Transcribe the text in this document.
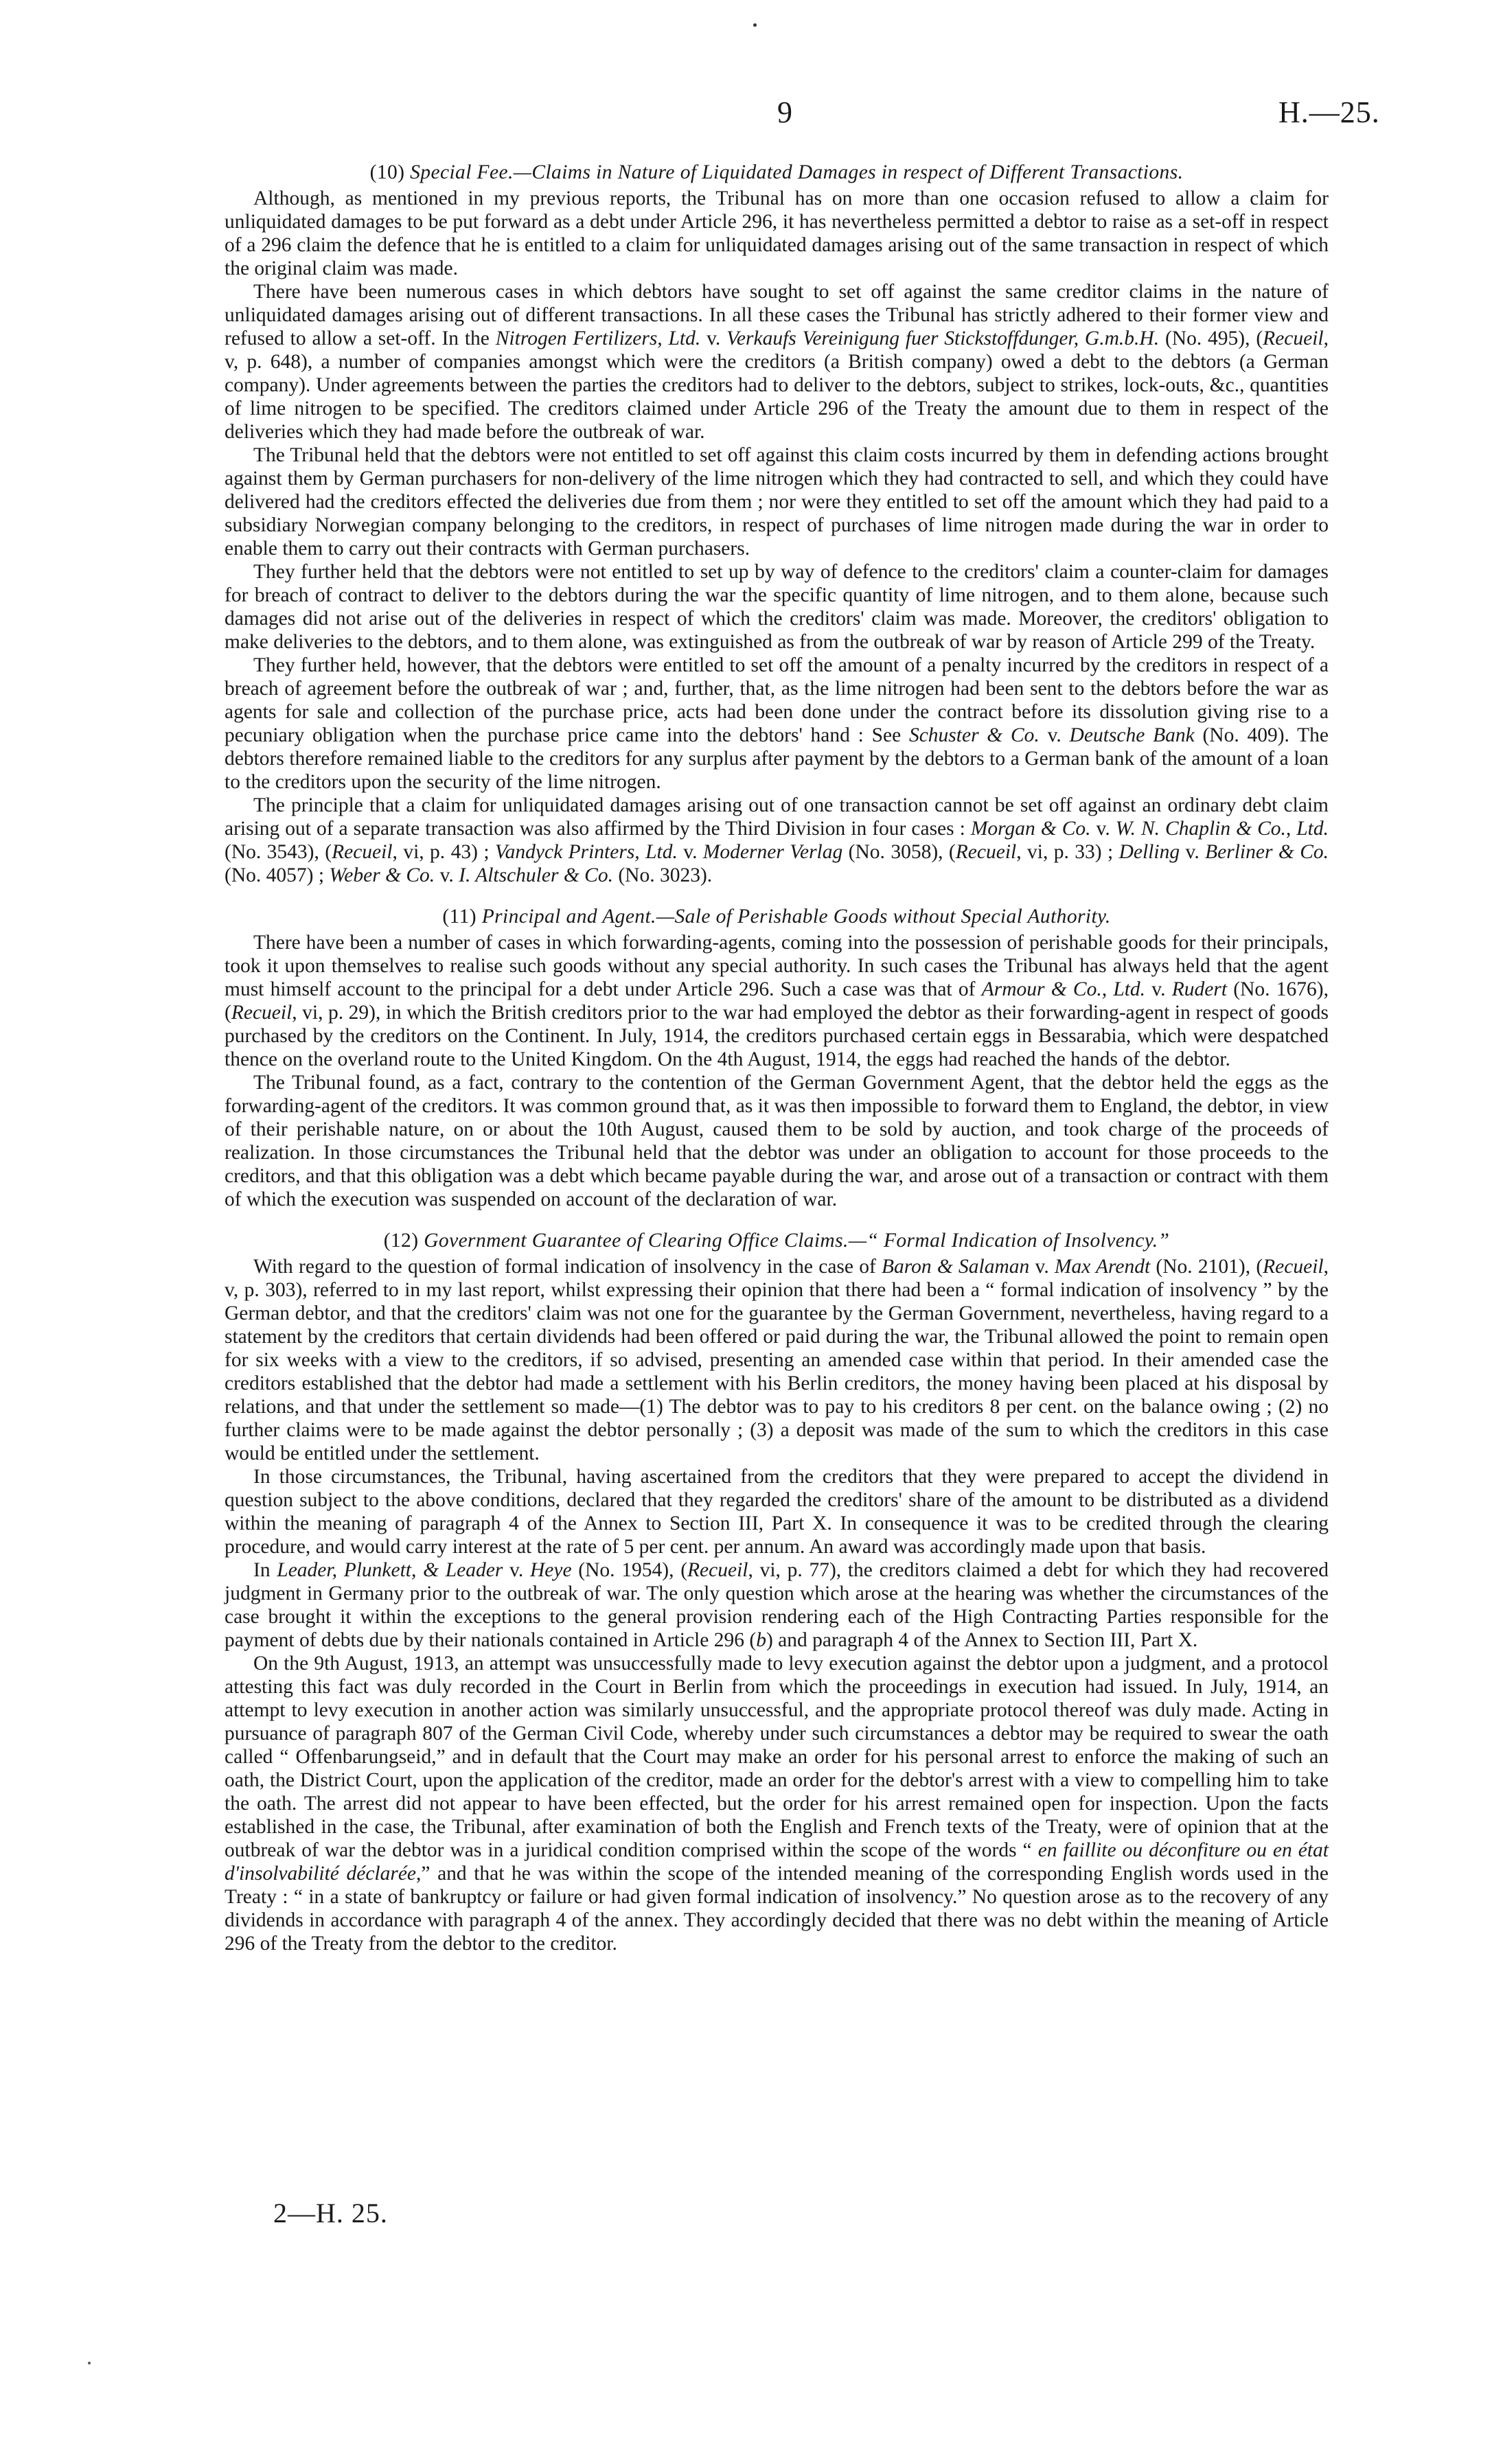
9	H.—25.
(10) Special Fee.—Claims in Nature of Liquidated Damages in respect of Different Transactions.

Although, as mentioned in my previous reports, the Tribunal has on more than one occasion refused to allow a claim for unliquidated damages to be put forward as a debt under Article 296, it has nevertheless permitted a debtor to raise as a set-off in respect of a 296 claim the defence that he is entitled to a claim for unliquidated damages arising out of the same transaction in respect of which the original claim was made.

There have been numerous cases in which debtors have sought to set off against the same creditor claims in the nature of unliquidated damages arising out of different transactions. In all these cases the Tribunal has strictly adhered to their former view and refused to allow a set-off. In the Nitrogen Fertilizers, Ltd. v. Verkaufs Vereinigung fuer Stickstoffdunger, G.m.b.H. (No. 495), (Recueil, v, p. 648), a number of companies amongst which were the creditors (a British company) owed a debt to the debtors (a German company). Under agreements between the parties the creditors had to deliver to the debtors, subject to strikes, lock-outs, &c., quantities of lime nitrogen to be specified. The creditors claimed under Article 296 of the Treaty the amount due to them in respect of the deliveries which they had made before the outbreak of war.

The Tribunal held that the debtors were not entitled to set off against this claim costs incurred by them in defending actions brought against them by German purchasers for non-delivery of the lime nitrogen which they had contracted to sell, and which they could have delivered had the creditors effected the deliveries due from them ; nor were they entitled to set off the amount which they had paid to a subsidiary Norwegian company belonging to the creditors, in respect of purchases of lime nitrogen made during the war in order to enable them to carry out their contracts with German purchasers.

They further held that the debtors were not entitled to set up by way of defence to the creditors' claim a counter-claim for damages for breach of contract to deliver to the debtors during the war the specific quantity of lime nitrogen, and to them alone, because such damages did not arise out of the deliveries in respect of which the creditors' claim was made. Moreover, the creditors' obligation to make deliveries to the debtors, and to them alone, was extinguished as from the outbreak of war by reason of Article 299 of the Treaty.

They further held, however, that the debtors were entitled to set off the amount of a penalty incurred by the creditors in respect of a breach of agreement before the outbreak of war ; and, further, that, as the lime nitrogen had been sent to the debtors before the war as agents for sale and collection of the purchase price, acts had been done under the contract before its dissolution giving rise to a pecuniary obligation when the purchase price came into the debtors' hand : See Schuster & Co. v. Deutsche Bank (No. 409). The debtors therefore remained liable to the creditors for any surplus after payment by the debtors to a German bank of the amount of a loan to the creditors upon the security of the lime nitrogen.

The principle that a claim for unliquidated damages arising out of one transaction cannot be set off against an ordinary debt claim arising out of a separate transaction was also affirmed by the Third Division in four cases : Morgan & Co. v. W. N. Chaplin & Co., Ltd. (No. 3543), (Recueil, vi, p. 43) ; Vandyck Printers, Ltd. v. Moderner Verlag (No. 3058), (Recueil, vi, p. 33) ; Delling v. Berliner & Co. (No. 4057) ; Weber & Co. v. I. Altschuler & Co. (No. 3023).

(11) Principal and Agent.—Sale of Perishable Goods without Special Authority.

There have been a number of cases in which forwarding-agents, coming into the possession of perishable goods for their principals, took it upon themselves to realise such goods without any special authority. In such cases the Tribunal has always held that the agent must himself account to the principal for a debt under Article 296. Such a case was that of Armour & Co., Ltd. v. Rudert (No. 1676), (Recueil, vi, p. 29), in which the British creditors prior to the war had employed the debtor as their forwarding-agent in respect of goods purchased by the creditors on the Continent. In July, 1914, the creditors purchased certain eggs in Bessarabia, which were despatched thence on the overland route to the United Kingdom. On the 4th August, 1914, the eggs had reached the hands of the debtor.

The Tribunal found, as a fact, contrary to the contention of the German Government Agent, that the debtor held the eggs as the forwarding-agent of the creditors. It was common ground that, as it was then impossible to forward them to England, the debtor, in view of their perishable nature, on or about the 10th August, caused them to be sold by auction, and took charge of the proceeds of realization. In those circumstances the Tribunal held that the debtor was under an obligation to account for those proceeds to the creditors, and that this obligation was a debt which became payable during the war, and arose out of a transaction or contract with them of which the execution was suspended on account of the declaration of war.

(12) Government Guarantee of Clearing Office Claims.—“ Formal Indication of Insolvency.”

With regard to the question of formal indication of insolvency in the case of Baron & Salaman v. Max Arendt (No. 2101), (Recueil, v, p. 303), referred to in my last report, whilst expressing their opinion that there had been a “ formal indication of insolvency ” by the German debtor, and that the creditors' claim was not one for the guarantee by the German Government, nevertheless, having regard to a statement by the creditors that certain dividends had been offered or paid during the war, the Tribunal allowed the point to remain open for six weeks with a view to the creditors, if so advised, presenting an amended case within that period. In their amended case the creditors established that the debtor had made a settlement with his Berlin creditors, the money having been placed at his disposal by relations, and that under the settlement so made—(1) The debtor was to pay to his creditors 8 per cent. on the balance owing ; (2) no further claims were to be made against the debtor personally ; (3) a deposit was made of the sum to which the creditors in this case would be entitled under the settlement.

In those circumstances, the Tribunal, having ascertained from the creditors that they were prepared to accept the dividend in question subject to the above conditions, declared that they regarded the creditors' share of the amount to be distributed as a dividend within the meaning of paragraph 4 of the Annex to Section III, Part X. In consequence it was to be credited through the clearing procedure, and would carry interest at the rate of 5 per cent. per annum. An award was accordingly made upon that basis.

In Leader, Plunkett, & Leader v. Heye (No. 1954), (Recueil, vi, p. 77), the creditors claimed a debt for which they had recovered judgment in Germany prior to the outbreak of war. The only question which arose at the hearing was whether the circumstances of the case brought it within the exceptions to the general provision rendering each of the High Contracting Parties responsible for the payment of debts due by their nationals contained in Article 296 (b) and paragraph 4 of the Annex to Section III, Part X.

On the 9th August, 1913, an attempt was unsuccessfully made to levy execution against the debtor upon a judgment, and a protocol attesting this fact was duly recorded in the Court in Berlin from which the proceedings in execution had issued. In July, 1914, an attempt to levy execution in another action was similarly unsuccessful, and the appropriate protocol thereof was duly made. Acting in pursuance of paragraph 807 of the German Civil Code, whereby under such circumstances a debtor may be required to swear the oath called “ Offenbarungseid,” and in default that the Court may make an order for his personal arrest to enforce the making of such an oath, the District Court, upon the application of the creditor, made an order for the debtor's arrest with a view to compelling him to take the oath. The arrest did not appear to have been effected, but the order for his arrest remained open for inspection. Upon the facts established in the case, the Tribunal, after examination of both the English and French texts of the Treaty, were of opinion that at the outbreak of war the debtor was in a juridical condition comprised within the scope of the words “ en faillite ou déconfiture ou en état d'insolvabilité déclarée,” and that he was within the scope of the intended meaning of the corresponding English words used in the Treaty : “ in a state of bankruptcy or failure or had given formal indication of insolvency.” No question arose as to the recovery of any dividends in accordance with paragraph 4 of the annex. They accordingly decided that there was no debt within the meaning of Article 296 of the Treaty from the debtor to the creditor.

2—H. 25.
